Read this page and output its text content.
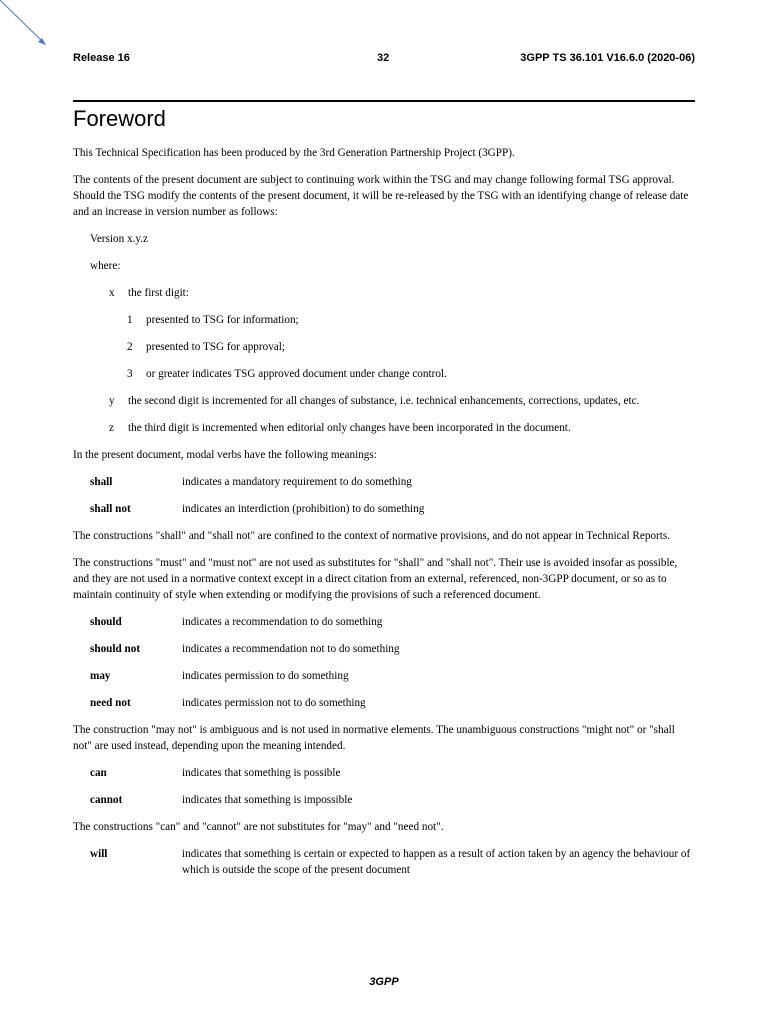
Release 16	32	3GPP TS 36.101 V16.6.0 (2020-06)
Foreword

This Technical Specification has been produced by the 3rd Generation Partnership Project (3GPP).

The contents of the present document are subject to continuing work within the TSG and may change following formal TSG approval. Should the TSG modify the contents of the present document, it will be re-released by the TSG with an identifying change of release date and an increase in version number as follows:

Version x.y.z

where:

x	the first digit:
1	presented to TSG for information;
2	presented to TSG for approval;
3	or greater indicates TSG approved document under change control.
y	the second digit is incremented for all changes of substance, i.e. technical enhancements, corrections, updates, etc.
z	the third digit is incremented when editorial only changes have been incorporated in the document.

In the present document, modal verbs have the following meanings:

shall	indicates a mandatory requirement to do something
shall not	indicates an interdiction (prohibition) to do something

The constructions "shall" and "shall not" are confined to the context of normative provisions, and do not appear in Technical Reports.

The constructions "must" and "must not" are not used as substitutes for "shall" and "shall not". Their use is avoided insofar as possible, and they are not used in a normative context except in a direct citation from an external, referenced, non-3GPP document, or so as to maintain continuity of style when extending or modifying the provisions of such a referenced document.

should	indicates a recommendation to do something
should not	indicates a recommendation not to do something
may	indicates permission to do something
need not	indicates permission not to do something

The construction "may not" is ambiguous and is not used in normative elements. The unambiguous constructions "might not" or "shall not" are used instead, depending upon the meaning intended.

can	indicates that something is possible
cannot	indicates that something is impossible

The constructions "can" and "cannot" are not substitutes for "may" and "need not".

will	indicates that something is certain or expected to happen as a result of action taken by an agency the behaviour of which is outside the scope of the present document
3GPP
